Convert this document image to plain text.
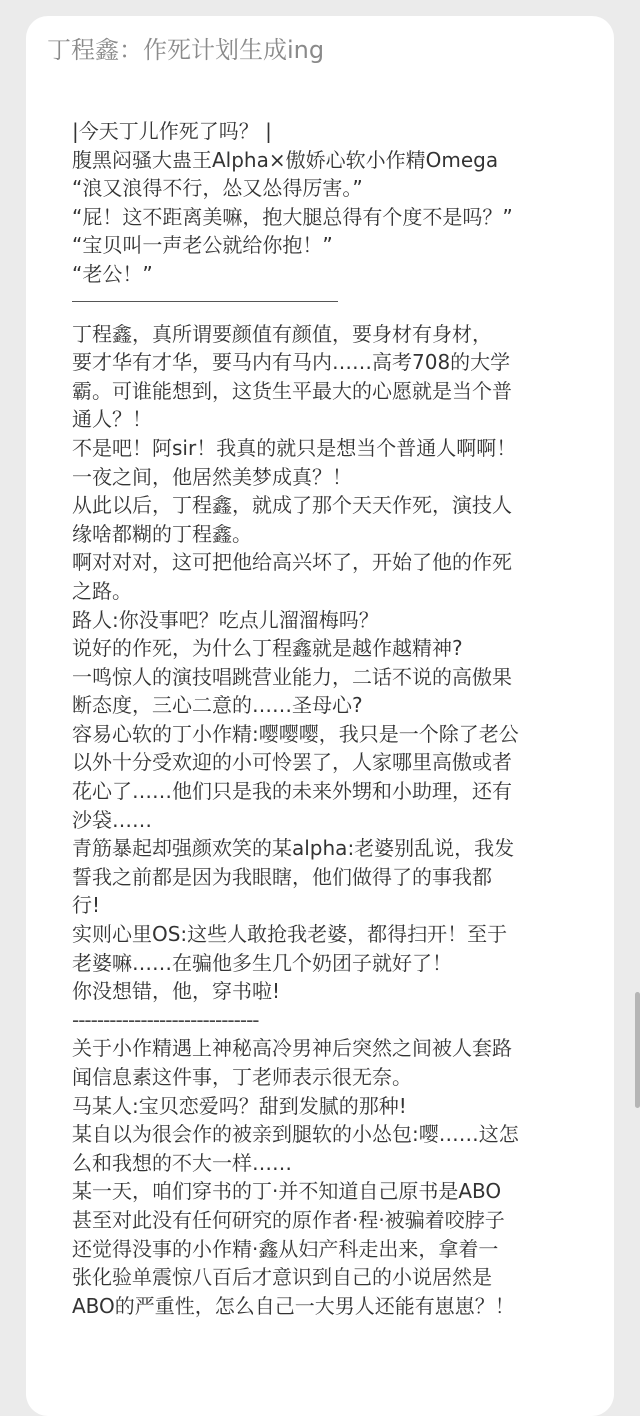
丁程鑫：作死计划生成ing
|今天丁儿作死了吗？ |
腹黑闷骚大蛊王Alpha×傲娇心软小作精Omega
“浪又浪得不行，怂又怂得厉害。”
“屁！这不距离美嘛，抱大腿总得有个度不是吗？”
“宝贝叫一声老公就给你抱！”
“老公！”
丁程鑫，真所谓要颜值有颜值，要身材有身材，
要才华有才华，要马内有马内……高考708的大学
霸。可谁能想到，这货生平最大的心愿就是当个普
通人？！
不是吧！阿sir！我真的就只是想当个普通人啊啊！
一夜之间，他居然美梦成真？！
从此以后，丁程鑫，就成了那个天天作死，演技人
缘啥都糊的丁程鑫。
啊对对对，这可把他给高兴坏了，开始了他的作死
之路。
路人:你没事吧？吃点儿溜溜梅吗？
说好的作死，为什么丁程鑫就是越作越精神?
一鸣惊人的演技唱跳营业能力，二话不说的高傲果
断态度，三心二意的……圣母心?
容易心软的丁小作精:嘤嘤嘤，我只是一个除了老公
以外十分受欢迎的小可怜罢了，人家哪里高傲或者
花心了……他们只是我的未来外甥和小助理，还有
沙袋……
青筋暴起却强颜欢笑的某alpha:老婆别乱说，我发
誓我之前都是因为我眼瞎，他们做得了的事我都
行!
实则心里OS:这些人敢抢我老婆，都得扫开！至于
老婆嘛……在骗他多生几个奶团子就好了！
你没想错，他，穿书啦!
------------------------------
关于小作精遇上神秘高冷男神后突然之间被人套路
闻信息素这件事，丁老师表示很无奈。
马某人:宝贝恋爱吗？甜到发腻的那种!
某自以为很会作的被亲到腿软的小怂包:嘤……这怎
么和我想的不大一样……
某一天，咱们穿书的丁·并不知道自己原书是ABO
甚至对此没有任何研究的原作者·程·被骗着咬脖子
还觉得没事的小作精·鑫从妇产科走出来，拿着一
张化验单震惊八百后才意识到自己的小说居然是
ABO的严重性，怎么自己一大男人还能有崽崽？！
